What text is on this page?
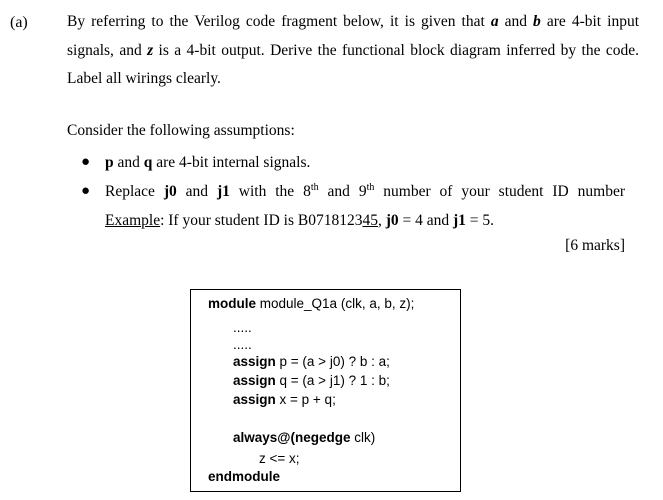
(a)	By referring to the Verilog code fragment below, it is given that a and b are 4-bit input
signals, and z is a 4-bit output. Derive the functional block diagram inferred by the code.
Label all wirings clearly.
Consider the following assumptions:
● p and q are 4-bit internal signals.
● Replace j0 and j1 with the 8th and 9th number of your student ID number
Example: If your student ID is B071812345, j0 = 4 and j1 = 5.
[6 marks]
module module_Q1a (clk, a, b, z);
.....
.....
assign p = (a > j0) ? b : a;
assign q = (a > j1) ? 1 : b;
assign x = p + q;
always@(negedge clk)
z <= x;
endmodule
